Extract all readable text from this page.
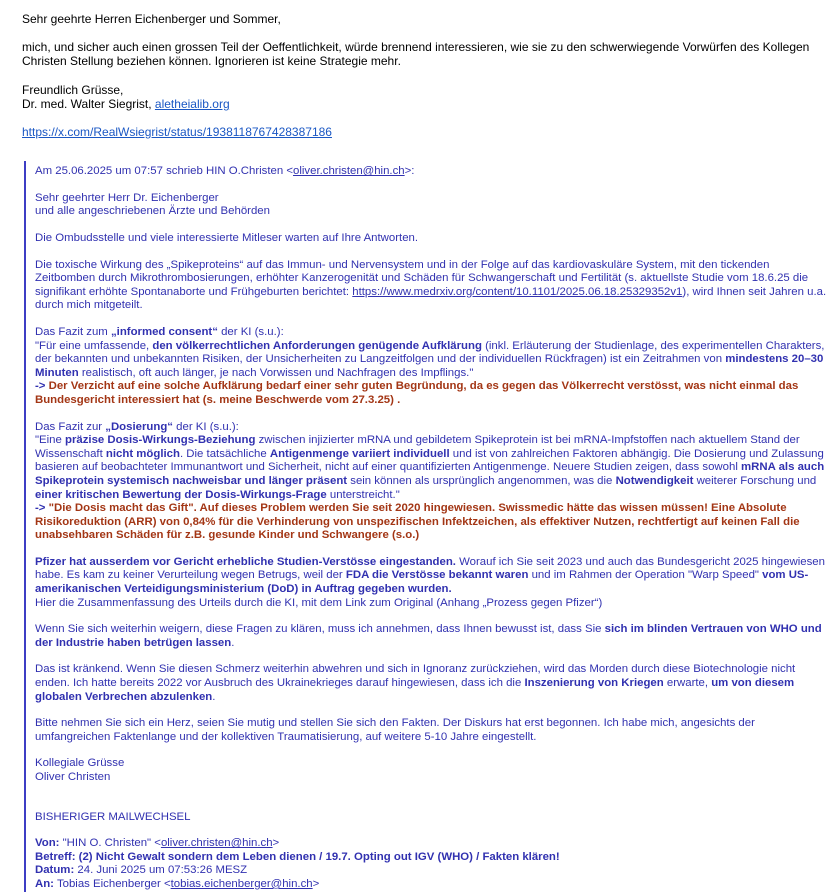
Sehr geehrte Herren Eichenberger und Sommer,

mich, und sicher auch einen grossen Teil der Oeffentlichkeit, würde brennend interessieren, wie sie zu den schwerwiegende Vorwürfen des Kollegen Christen Stellung beziehen können. Ignorieren ist keine Strategie mehr.

Freundlich Grüsse,

Dr. med. Walter Siegrist, aletheialib.org

https://x.com/RealWsiegrist/status/1938118767428387186

Am 25.06.2025 um 07:57 schrieb HIN O.Christen <oliver.christen@hin.ch>:

Sehr geehrter Herr Dr. Eichenberger

und alle angeschriebenen Ärzte und Behörden

Die Ombudsstelle und viele interessierte Mitleser warten auf Ihre Antworten.

Die toxische Wirkung des „Spikeproteins“ auf das Immun- und Nervensystem und in der Folge auf das kardiovaskuläre System, mit den tickenden Zeitbomben durch Mikrothrombosierungen, erhöhter Kanzerogenität und Schäden für Schwangerschaft und Fertilität (s. aktuellste Studie vom 18.6.25 die signifikant erhöhte Spontanaborte und Frühgeburten berichtet: https://www.medrxiv.org/content/10.1101/2025.06.18.25329352v1), wird Ihnen seit Jahren u.a. durch mich mitgeteilt.

Das Fazit zum „informed consent“ der KI (s.u.):

"Für eine umfassende, den völkerrechtlichen Anforderungen genügende Aufklärung (inkl. Erläuterung der Studienlage, des experimentellen Charakters, der bekannten und unbekannten Risiken, der Unsicherheiten zu Langzeitfolgen und der individuellen Rückfragen) ist ein Zeitrahmen von mindestens 20–30 Minuten realistisch, oft auch länger, je nach Vorwissen und Nachfragen des Impflings."

-> Der Verzicht auf eine solche Aufklärung bedarf einer sehr guten Begründung, da es gegen das Völkerrecht verstösst, was nicht einmal das Bundesgericht interessiert hat (s. meine Beschwerde vom 27.3.25) .

Das Fazit zur „Dosierung“ der KI (s.u.):

"Eine präzise Dosis-Wirkungs-Beziehung zwischen injizierter mRNA und gebildetem Spikeprotein ist bei mRNA-Impfstoffen nach aktuellem Stand der Wissenschaft nicht möglich. Die tatsächliche Antigenmenge variiert individuell und ist von zahlreichen Faktoren abhängig. Die Dosierung und Zulassung basieren auf beobachteter Immunantwort und Sicherheit, nicht auf einer quantifizierten Antigenmenge. Neuere Studien zeigen, dass sowohl mRNA als auch Spikeprotein systemisch nachweisbar und länger präsent sein können als ursprünglich angenommen, was die Notwendigkeit weiterer Forschung und einer kritischen Bewertung der Dosis-Wirkungs-Frage unterstreicht."

-> "Die Dosis macht das Gift". Auf dieses Problem werden Sie seit 2020 hingewiesen. Swissmedic hätte das wissen müssen! Eine Absolute Risikoreduktion (ARR) von 0,84% für die Verhinderung von unspezifischen Infektzeichen, als effektiver Nutzen, rechtfertigt auf keinen Fall die unabsehbaren Schäden für z.B. gesunde Kinder und Schwangere (s.o.)

Pfizer hat ausserdem vor Gericht erhebliche Studien-Verstösse eingestanden. Worauf ich Sie seit 2023 und auch das Bundesgericht 2025 hingewiesen habe. Es kam zu keiner Verurteilung wegen Betrugs, weil der FDA die Verstösse bekannt waren und im Rahmen der Operation "Warp Speed" vom US-amerikanischen Verteidigungsministerium (DoD) in Auftrag gegeben wurden.

Hier die Zusammenfassung des Urteils durch die KI, mit dem Link zum Original (Anhang „Prozess gegen Pfizer“)

Wenn Sie sich weiterhin weigern, diese Fragen zu klären, muss ich annehmen, dass Ihnen bewusst ist, dass Sie sich im blinden Vertrauen von WHO und der Industrie haben betrügen lassen.

Das ist kränkend. Wenn Sie diesen Schmerz weiterhin abwehren und sich in Ignoranz zurückziehen, wird das Morden durch diese Biotechnologie nicht enden. Ich hatte bereits 2022 vor Ausbruch des Ukrainekrieges darauf hingewiesen, dass ich die Inszenierung von Kriegen erwarte, um von diesem globalen Verbrechen abzulenken.

Bitte nehmen Sie sich ein Herz, seien Sie mutig und stellen Sie sich den Fakten. Der Diskurs hat erst begonnen. Ich habe mich, angesichts der umfangreichen Faktenlange und der kollektiven Traumatisierung, auf weitere 5-10 Jahre eingestellt.

Kollegiale Grüsse

Oliver Christen

BISHERIGER MAILWECHSEL

Von: "HIN O. Christen" <oliver.christen@hin.ch>

Betreff: (2) Nicht Gewalt sondern dem Leben dienen / 19.7. Opting out IGV (WHO) / Fakten klären!

Datum: 24. Juni 2025 um 07:53:26 MESZ

An: Tobias Eichenberger <tobias.eichenberger@hin.ch>
